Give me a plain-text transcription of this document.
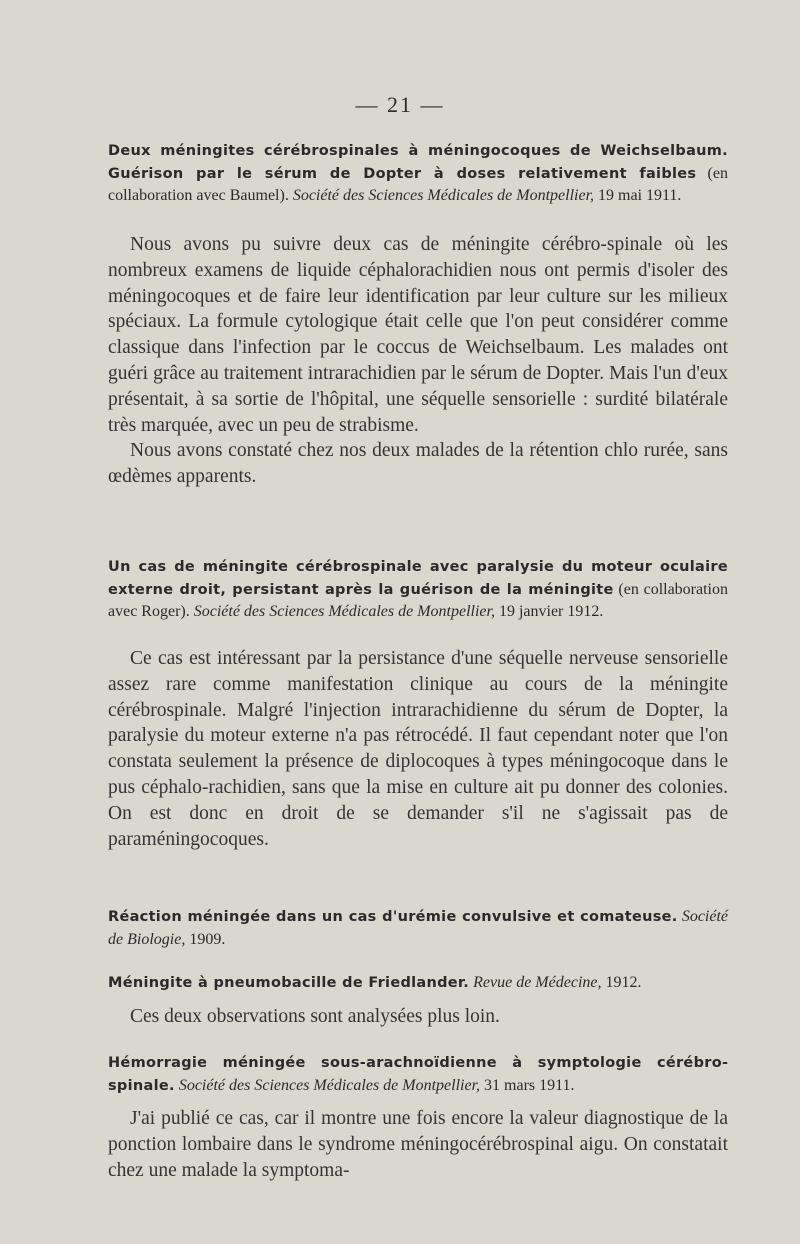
— 21 —
Deux méningites cérébrospinales à méningocoques de Weichselbaum. Guérison par le sérum de Dopter à doses relativement faibles (en collaboration avec Baumel). Société des Sciences Médicales de Montpellier, 19 mai 1911.

Nous avons pu suivre deux cas de méningite cérébro-spinale où les nombreux examens de liquide céphalorachidien nous ont permis d'isoler des méningocoques et de faire leur identification par leur culture sur les milieux spéciaux. La formule cytologique était celle que l'on peut considérer comme classique dans l'infection par le coccus de Weichselbaum. Les malades ont guéri grâce au traitement intrarachidien par le sérum de Dopter. Mais l'un d'eux présentait, à sa sortie de l'hôpital, une séquelle sensorielle : surdité bilatérale très marquée, avec un peu de strabisme.

Nous avons constaté chez nos deux malades de la rétention chlo rurée, sans œdèmes apparents.

Un cas de méningite cérébrospinale avec paralysie du moteur oculaire externe droit, persistant après la guérison de la méningite (en collaboration avec Roger). Société des Sciences Médicales de Montpellier, 19 janvier 1912.

Ce cas est intéressant par la persistance d'une séquelle nerveuse sensorielle assez rare comme manifestation clinique au cours de la méningite cérébrospinale. Malgré l'injection intrarachidienne du sérum de Dopter, la paralysie du moteur externe n'a pas rétrocédé. Il faut cependant noter que l'on constata seulement la présence de diplocoques à types méningocoque dans le pus céphalo-rachidien, sans que la mise en culture ait pu donner des colonies. On est donc en droit de se demander s'il ne s'agissait pas de paraméningocoques.

Réaction méningée dans un cas d'urémie convulsive et comateuse. Société de Biologie, 1909.
Méningite à pneumobacille de Friedlander. Revue de Médecine, 1912.

Ces deux observations sont analysées plus loin.

Hémorragie méningée sous-arachnoïdienne à symptologie cérébrospinale. Société des Sciences Médicales de Montpellier, 31 mars 1911.

J'ai publié ce cas, car il montre une fois encore la valeur diagnostique de la ponction lombaire dans le syndrome méningocérébrospinal aigu. On constatait chez une malade la symptoma-
